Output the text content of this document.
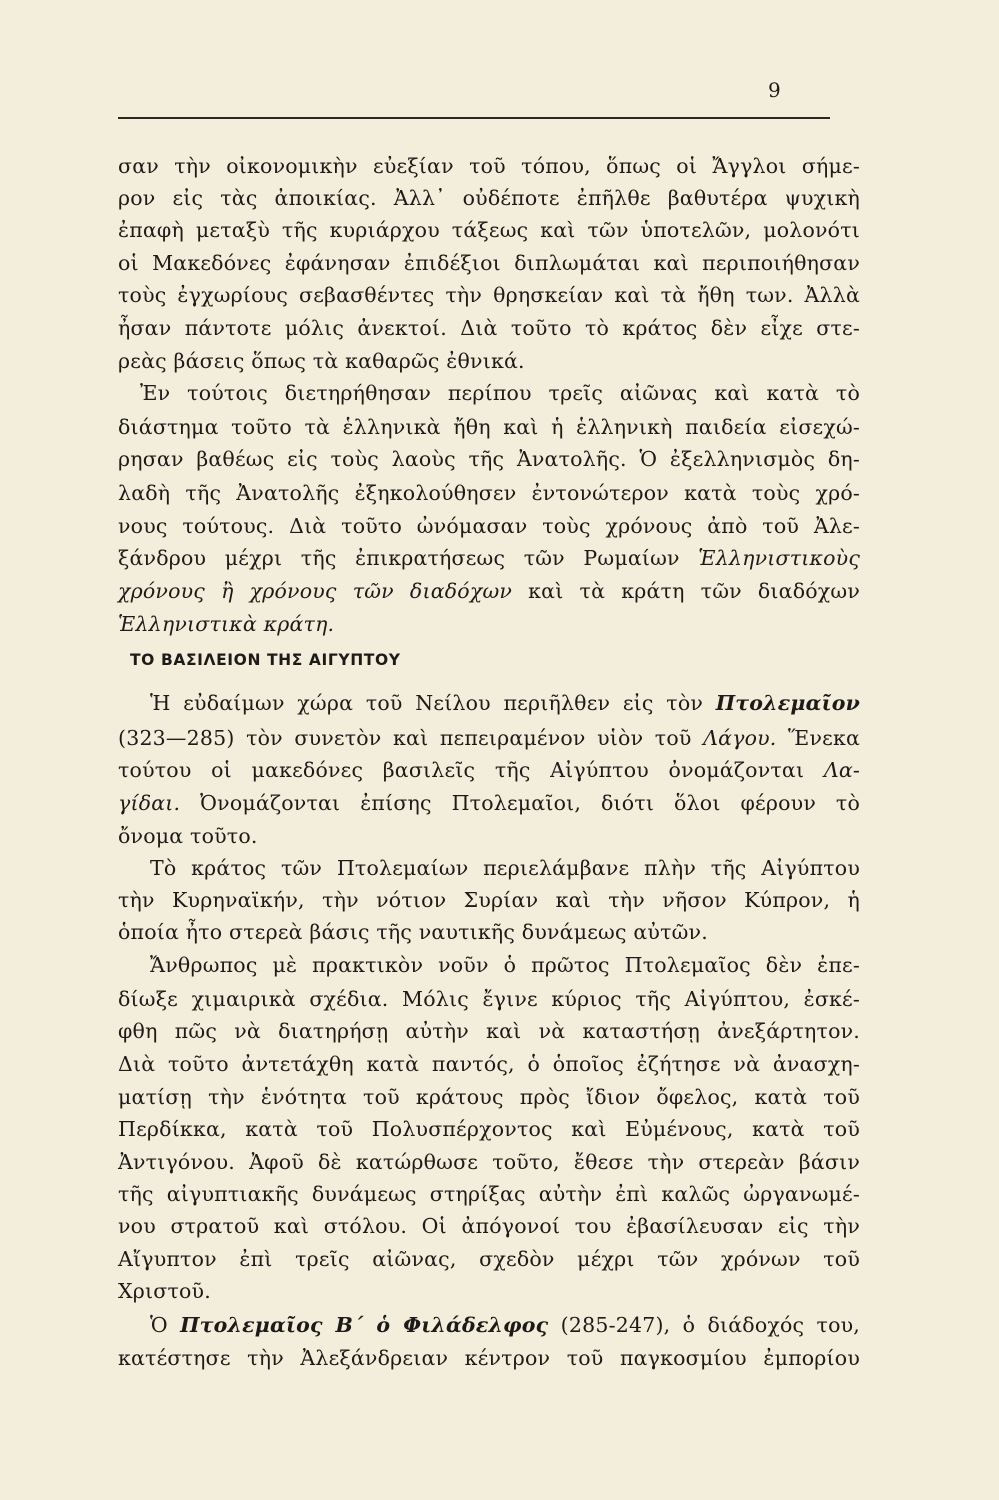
9
ΤΟ ΒΑΣΙΛΕΙΟΝ ΤΗΣ ΑΙΓΥΠΤΟΥ
σαν τὴν οἰκονομικὴν εὐεξίαν τοῦ τόπου, ὅπως οἱ Ἄγγλοι σήμε-
ρον εἰς τὰς ἀποικίας. Ἀλλ᾿ οὐδέποτε ἐπῆλθε βαθυτέρα ψυχικὴ
ἐπαφὴ μεταξὺ τῆς κυριάρχου τάξεως καὶ τῶν ὑποτελῶν, μολονότι
οἱ Μακεδόνες ἐφάνησαν ἐπιδέξιοι διπλωμάται καὶ περιποιήθησαν
τοὺς ἐγχωρίους σεβασθέντες τὴν θρησκείαν καὶ τὰ ἤθη των. Ἀλλὰ
ἦσαν πάντοτε μόλις ἀνεκτοί. Διὰ τοῦτο τὸ κράτος δὲν εἶχε στε-
ρεὰς βάσεις ὅπως τὰ καθαρῶς ἐθνικά.
Ἐν τούτοις διετηρήθησαν περίπου τρεῖς αἰῶνας καὶ κατὰ τὸ
διάστημα τοῦτο τὰ ἑλληνικὰ ἤθη καὶ ἡ ἑλληνικὴ παιδεία εἰσεχώ-
ρησαν βαθέως εἰς τοὺς λαοὺς τῆς Ἀνατολῆς. Ὁ ἐξελληνισμὸς δη-
λαδὴ τῆς Ἀνατολῆς ἐξηκολούθησεν ἐντονώτερον κατὰ τοὺς χρό-
νους τούτους. Διὰ τοῦτο ὠνόμασαν τοὺς χρόνους ἀπὸ τοῦ Ἀλε-
ξάνδρου μέχρι τῆς ἐπικρατήσεως τῶν Ρωμαίων Ἑλληνιστικοὺς
χρόνους ἢ χρόνους τῶν διαδόχων καὶ τὰ κράτη τῶν διαδόχων
Ἑλληνιστικὰ κράτη.
Ἡ εὐδαίμων χώρα τοῦ Νείλου περιῆλθεν εἰς τὸν Πτολεμαῖον
(323—285) τὸν συνετὸν καὶ πεπειραμένον υἱὸν τοῦ Λάγου. Ἕνεκα
τούτου οἱ μακεδόνες βασιλεῖς τῆς Αἰγύπτου ὀνομάζονται Λα-
γίδαι. Ὀνομάζονται ἐπίσης Πτολεμαῖοι, διότι ὅλοι φέρουν τὸ
ὄνομα τοῦτο.
Τὸ κράτος τῶν Πτολεμαίων περιελάμβανε πλὴν τῆς Αἰγύπτου
τὴν Κυρηναϊκήν, τὴν νότιον Συρίαν καὶ τὴν νῆσον Κύπρον, ἡ
ὁποία ἦτο στερεὰ βάσις τῆς ναυτικῆς δυνάμεως αὐτῶν.
Ἄνθρωπος μὲ πρακτικὸν νοῦν ὁ πρῶτος Πτολεμαῖος δὲν ἐπε-
δίωξε χιμαιρικὰ σχέδια. Μόλις ἔγινε κύριος τῆς Αἰγύπτου, ἐσκέ-
φθη πῶς νὰ διατηρήσῃ αὐτὴν καὶ νὰ καταστήσῃ ἀνεξάρτητον.
Διὰ τοῦτο ἀντετάχθη κατὰ παντός, ὁ ὁποῖος ἐζήτησε νὰ ἀνασχη-
ματίσῃ τὴν ἑνότητα τοῦ κράτους πρὸς ἴδιον ὄφελος, κατὰ τοῦ
Περδίκκα, κατὰ τοῦ Πολυσπέρχοντος καὶ Εὐμένους, κατὰ τοῦ
Ἀντιγόνου. Ἀφοῦ δὲ κατώρθωσε τοῦτο, ἔθεσε τὴν στερεὰν βάσιν
τῆς αἰγυπτιακῆς δυνάμεως στηρίξας αὐτὴν ἐπὶ καλῶς ὠργανωμέ-
νου στρατοῦ καὶ στόλου. Οἱ ἀπόγονοί του ἐβασίλευσαν εἰς τὴν
Αἴγυπτον ἐπὶ τρεῖς αἰῶνας, σχεδὸν μέχρι τῶν χρόνων τοῦ
Χριστοῦ.
Ὁ Πτολεμαῖος Β΄ ὁ Φιλάδελφος (285-247), ὁ διάδοχός του,
κατέστησε τὴν Ἀλεξάνδρειαν κέντρον τοῦ παγκοσμίου ἐμπορίου
